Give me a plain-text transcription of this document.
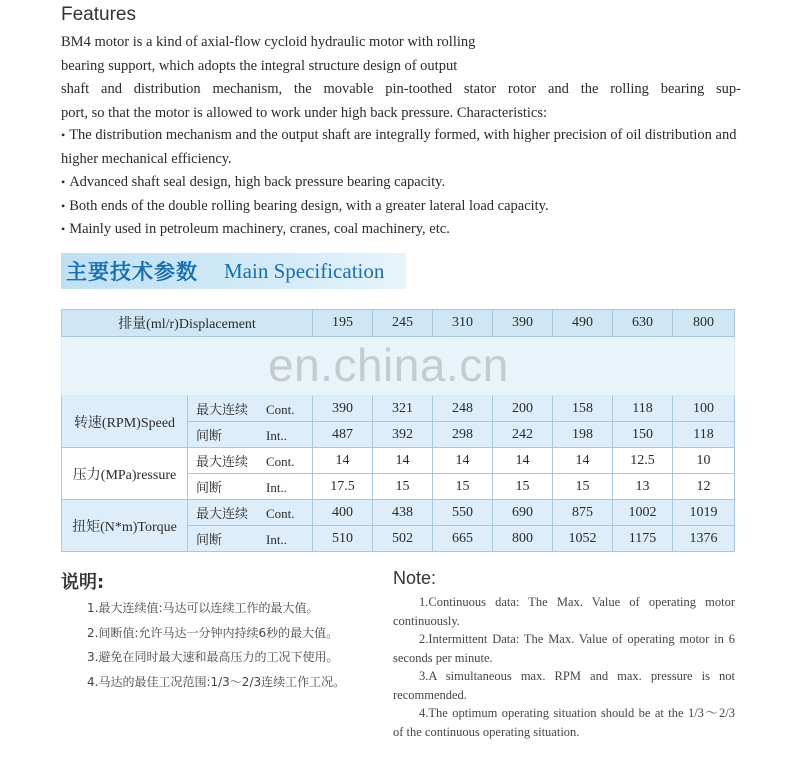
Features
BM4 motor is a kind of axial-flow cycloid hydraulic motor with rolling
bearing support, which adopts the integral structure design of output
shaft and distribution mechanism, the movable pin-toothed stator rotor and the rolling bearing sup-
port, so that the motor is allowed to work under high back pressure. Characteristics:
• The distribution mechanism and the output shaft are integrally formed, with higher precision of oil distribution and higher mechanical efficiency.
• Advanced shaft seal design, high back pressure bearing capacity.
• Both ends of the double rolling bearing design, with a greater lateral load capacity.
• Mainly used in petroleum machinery, cranes, coal machinery, etc.
主要技术参数 Main Specification
排量(ml/r)Displacement		195	245	310	390	490	630	800

转速(RPM)Speed	最大连续 Cont.	390	321	248	200	158	118	100
	间断 Int..	487	392	298	242	198	150	118
压力(MPa)ressure	最大连续 Cont.	14	14	14	14	14	12.5	10
	间断 Int..	17.5	15	15	15	15	13	12
扭矩(N*m)Torque	最大连续 Cont.	400	438	550	690	875	1002	1019
	间断 Int..	510	502	665	800	1052	1175	1376
en.china.cn
说明:
1.最大连续值:马达可以连续工作的最大值。
2.间断值:允许马达一分钟内持续6秒的最大值。
3.避免在同时最大速和最高压力的工况下使用。
4.马达的最佳工况范围:1/3～2/3连续工作工况。
Note:
1.Continuous data: The Max. Value of operating motor continuously.
2.Intermittent Data: The Max. Value of operating motor in 6 seconds per minute.
3.A simultaneous max. RPM and max. pressure is not recommended.
4.The optimum operating situation should be at the 1/3～2/3 of the continuous operating situation.
